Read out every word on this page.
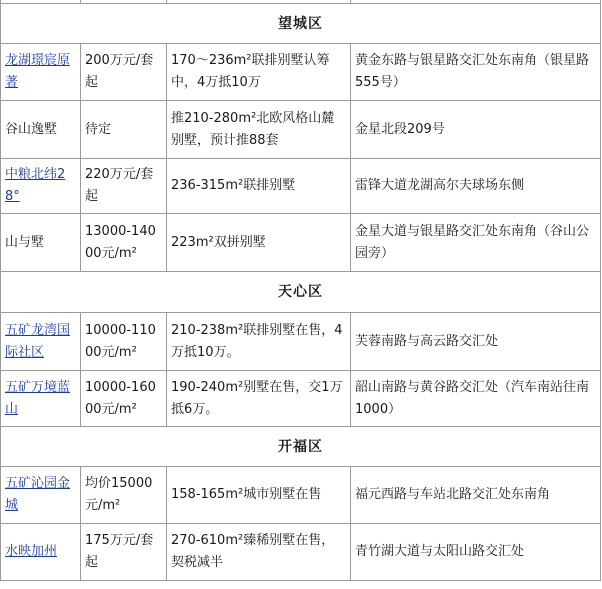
望城区			
龙湖璟宸原著	200万元/套起	170～236m²联排别墅认筹中，4万抵10万	黄金东路与银星路交汇处东南角（银星路555号）
谷山逸墅	待定	推210-280m²北欧风格山麓别墅，预计推88套	金星北段209号
中粮北纬28°	220万元/套起	236-315m²联排别墅	雷锋大道龙湖高尔夫球场东侧
山与墅	13000-14000元/m²	223m²双拼别墅	金星大道与银星路交汇处东南角（谷山公园旁）
天心区			
五矿龙湾国际社区	10000-11000元/m²	210-238m²联排别墅在售，4万抵10万。	芙蓉南路与高云路交汇处
五矿万境蓝山	10000-16000元/m²	190-240m²别墅在售，交1万抵6万。	韶山南路与黄谷路交汇处（汽车南站往南1000）
开福区			
五矿沁园金城	均价15000元/m²	158-165m²城市别墅在售	福元西路与车站北路交汇处东南角
水映加州	175万元/套起	270-610m²臻稀别墅在售，契税减半	青竹湖大道与太阳山路交汇处
